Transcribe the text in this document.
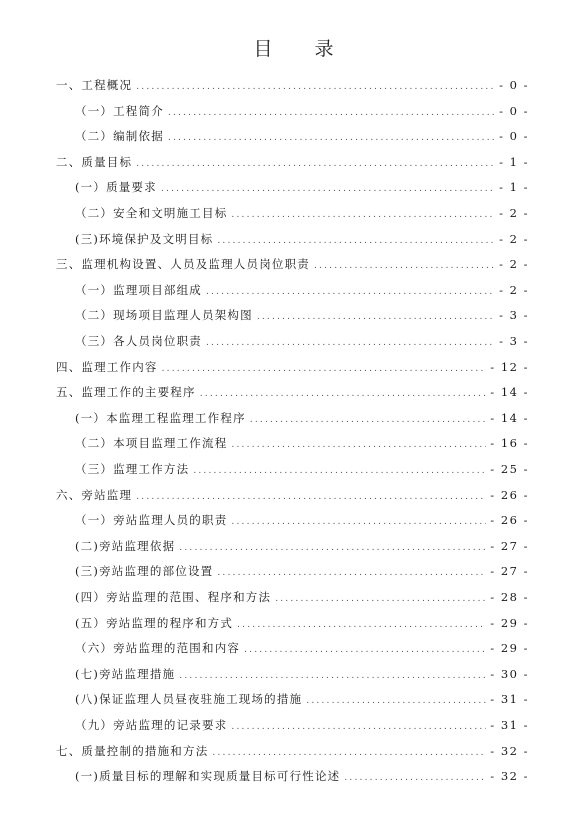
目 录
一、工程概况 .....	- 0 -
（一）工程简介 .....	- 0 -
（二）编制依据 .....	- 0 -
二、质量目标 .....	- 1 -
(一）质量要求 .....	- 1 -
（二）安全和文明施工目标 .....	- 2 -
(三)环境保护及文明目标 .....	- 2 -
三、监理机构设置、人员及监理人员岗位职责 .....	- 2 -
（一）监理项目部组成 .....	- 2 -
（二）现场项目监理人员架构图 .....	- 3 -
（三）各人员岗位职责 .....	- 3 -
四、监理工作内容 .....	- 12 -
五、监理工作的主要程序 .....	- 14 -
(一）本监理工程监理工作程序 .....	- 14 -
（二）本项目监理工作流程 .....	- 16 -
（三）监理工作方法 .....	- 25 -
六、旁站监理 .....	- 26 -
（一）旁站监理人员的职责 .....	- 26 -
(二)旁站监理依据 .....	- 27 -
(三)旁站监理的部位设置 .....	- 27 -
(四）旁站监理的范围、程序和方法 .....	- 28 -
(五）旁站监理的程序和方式 .....	- 29 -
（六）旁站监理的范围和内容 .....	- 29 -
(七)旁站监理措施 .....	- 30 -
(八)保证监理人员昼夜驻施工现场的措施 .....	- 31 -
（九）旁站监理的记录要求 .....	- 31 -
七、质量控制的措施和方法 .....	- 32 -
(一)质量目标的理解和实现质量目标可行性论述 .....	- 32 -
